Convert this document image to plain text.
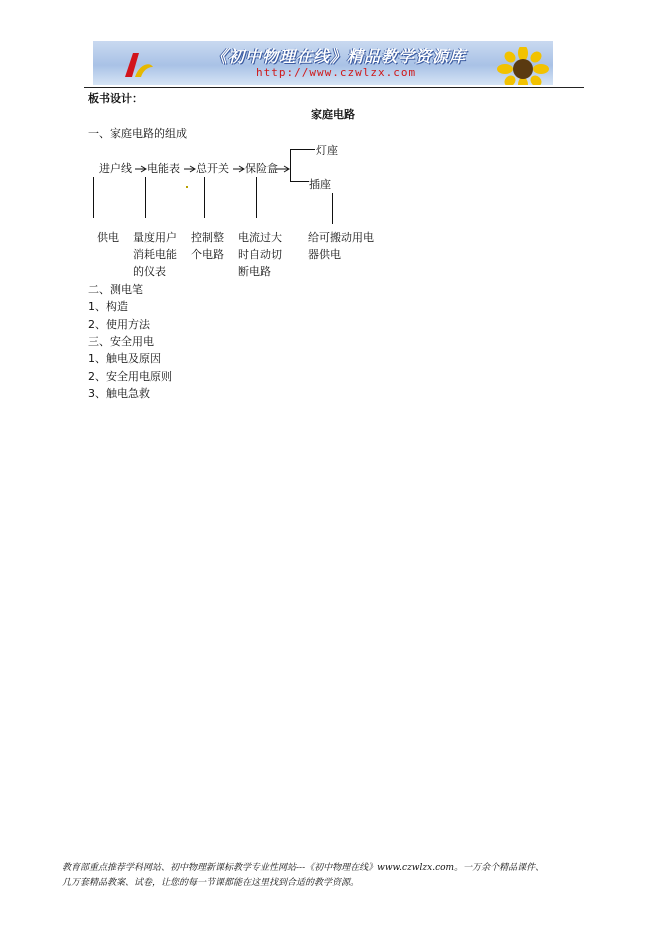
《初中物理在线》精品教学资源库
http://www.czwlzx.com
板书设计：
家庭电路
一、家庭电路的组成
进户线 电能表 总开关 保险盒
灯座
插座
供电 量度用户
消耗电能
的仪表
控制整
个电路
电流过大
时自动切
断电路
给可搬动用电
器供电
二、测电笔
1、构造
2、使用方法
三、安全用电
1、触电及原因
2、安全用电原则
3、触电急救
教育部重点推荐学科网站、初中物理新课标教学专业性网站---《初中物理在线》www.czwlzx.com。一万余个精品课件、
几万套精品教案、试卷，让您的每一节课都能在这里找到合适的教学资源。
